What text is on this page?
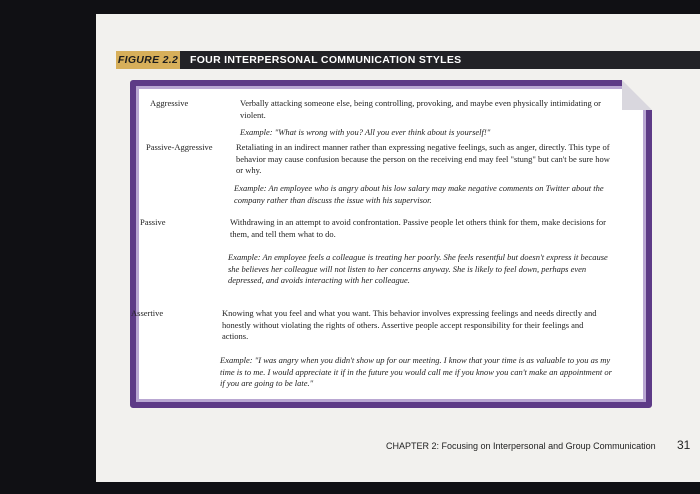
FIGURE 2.2 FOUR INTERPERSONAL COMMUNICATION STYLES
Aggressive	Verbally attacking someone else, being controlling, provoking, and maybe even physically intimidating or violent.
Example: "What is wrong with you? All you ever think about is yourself!"
Passive-Aggressive	Retaliating in an indirect manner rather than expressing negative feelings, such as anger, directly. This type of behavior may cause confusion because the person on the receiving end may feel "stung" but can't be sure how or why.
Example: An employee who is angry about his low salary may make negative comments on Twitter about the company rather than discuss the issue with his supervisor.
Passive	Withdrawing in an attempt to avoid confrontation. Passive people let others think for them, make decisions for them, and tell them what to do.
Example: An employee feels a colleague is treating her poorly. She feels resentful but doesn't express it because she believes her colleague will not listen to her concerns anyway. She is likely to feel down, perhaps even depressed, and avoids interacting with her colleague.
Assertive	Knowing what you feel and what you want. This behavior involves expressing feelings and needs directly and honestly without violating the rights of others. Assertive people accept responsibility for their feelings and actions.
Example: "I was angry when you didn't show up for our meeting. I know that your time is as valuable to you as my time is to me. I would appreciate it if in the future you would call me if you know you can't make an appointment or if you are going to be late."
CHAPTER 2: Focusing on Interpersonal and Group Communication 31
